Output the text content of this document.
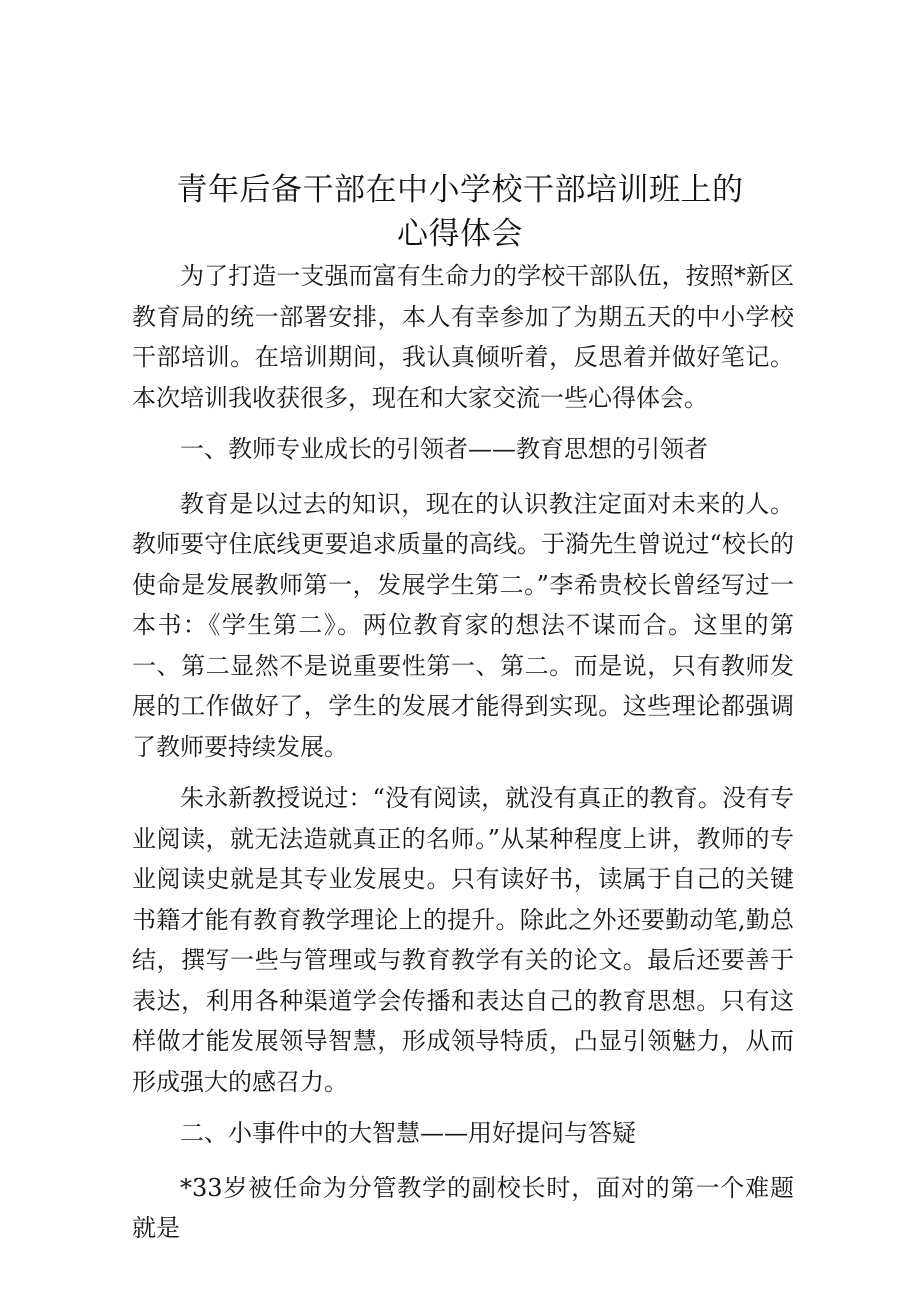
青年后备干部在中小学校干部培训班上的
心得体会

为了打造一支强而富有生命力的学校干部队伍，按照*新区教育局的统一部署安排，本人有幸参加了为期五天的中小学校干部培训。在培训期间，我认真倾听着，反思着并做好笔记。本次培训我收获很多，现在和大家交流一些心得体会。

一、教师专业成长的引领者——教育思想的引领者

教育是以过去的知识，现在的认识教注定面对未来的人。教师要守住底线更要追求质量的高线。于漪先生曾说过“校长的使命是发展教师第一，发展学生第二。”李希贵校长曾经写过一本书：《学生第二》。两位教育家的想法不谋而合。这里的第一、第二显然不是说重要性第一、第二。而是说，只有教师发展的工作做好了，学生的发展才能得到实现。这些理论都强调了教师要持续发展。

朱永新教授说过：“没有阅读，就没有真正的教育。没有专业阅读，就无法造就真正的名师。”从某种程度上讲，教师的专业阅读史就是其专业发展史。只有读好书，读属于自己的关键书籍才能有教育教学理论上的提升。除此之外还要勤动笔,勤总结，撰写一些与管理或与教育教学有关的论文。最后还要善于表达，利用各种渠道学会传播和表达自己的教育思想。只有这样做才能发展领导智慧，形成领导特质，凸显引领魅力，从而形成强大的感召力。

二、小事件中的大智慧——用好提问与答疑

*33岁被任命为分管教学的副校长时，面对的第一个难题就是
